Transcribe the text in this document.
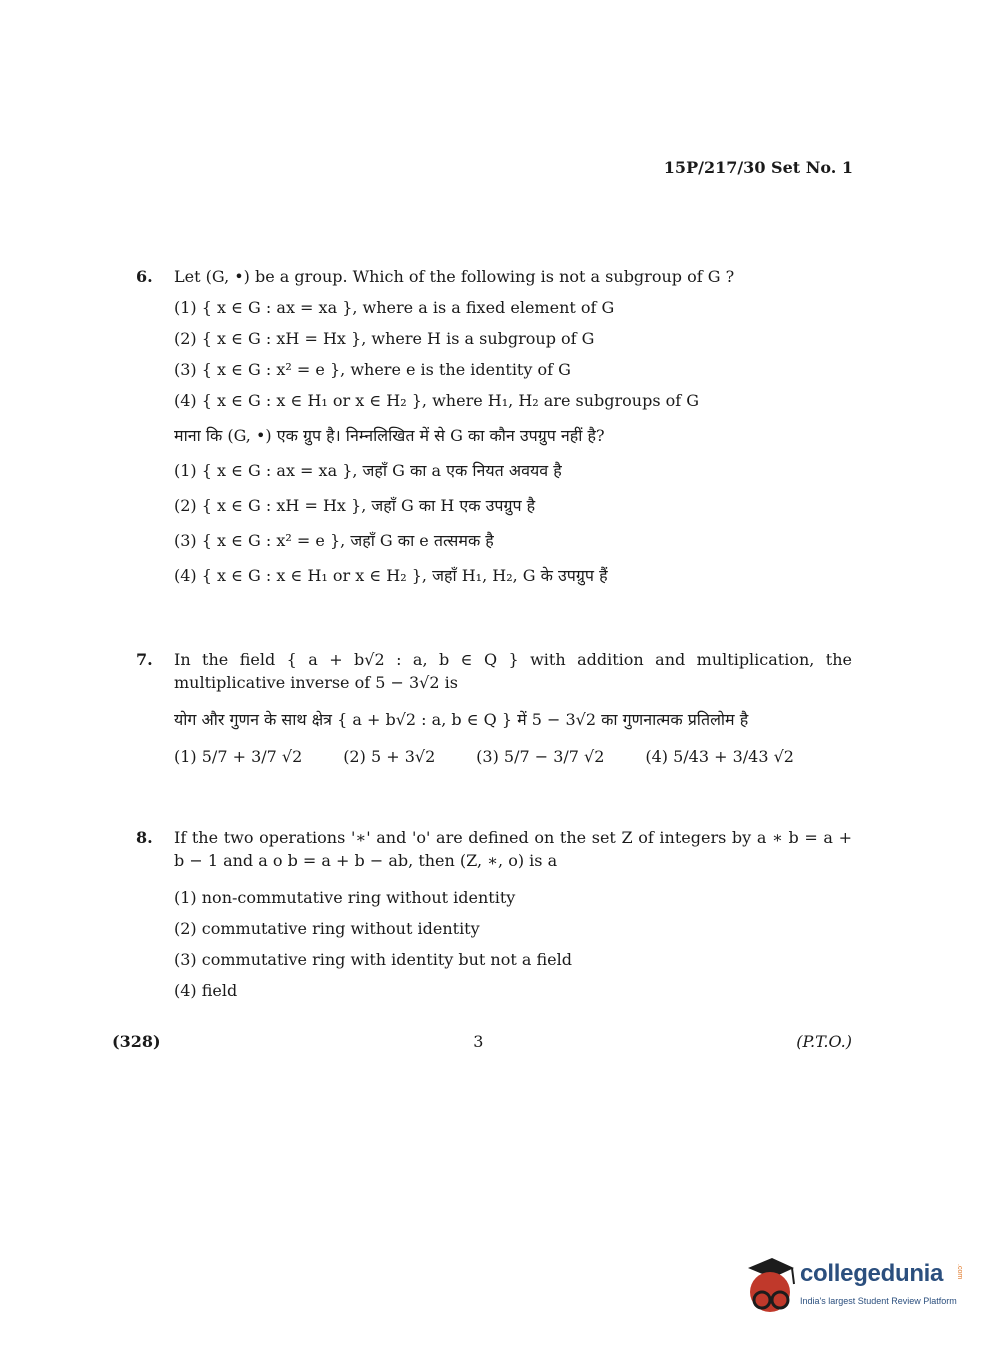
15P/217/30 Set No. 1
6. Let (G, •) be a group. Which of the following is not a subgroup of G ?
(1) { x ∈ G : ax = xa }, where a is a fixed element of G
(2) { x ∈ G : xH = Hx }, where H is a subgroup of G
(3) { x ∈ G : x² = e }, where e is the identity of G
(4) { x ∈ G : x ∈ H₁ or x ∈ H₂ }, where H₁, H₂ are subgroups of G
माना कि (G, •) एक ग्रुप है। निम्नलिखित में से G का कौन उपग्रुप नहीं है?
(1) { x ∈ G : ax = xa }, जहाँ G का a एक नियत अवयव है
(2) { x ∈ G : xH = Hx }, जहाँ G का H एक उपग्रुप है
(3) { x ∈ G : x² = e }, जहाँ G का e तत्समक है
(4) { x ∈ G : x ∈ H₁ or x ∈ H₂ }, जहाँ H₁, H₂, G के उपग्रुप हैं
7. In the field { a + b√2 : a, b ∈ Q } with addition and multiplication, the multiplicative inverse of 5 − 3√2 is
योग और गुणन के साथ क्षेत्र { a + b√2 : a, b ∈ Q } में 5 − 3√2 का गुणनात्मक प्रतिलोम है
(1) 5/7 + 3/7 √2	(2) 5 + 3√2	(3) 5/7 − 3/7 √2	(4) 5/43 + 3/43 √2
8. If the two operations '∗' and 'o' are defined on the set Z of integers by a ∗ b = a + b − 1 and a o b = a + b − ab, then (Z, ∗, o) is a
(1) non-commutative ring without identity
(2) commutative ring without identity
(3) commutative ring with identity but not a field
(4) field
(328)	3	(P.T.O.)
collegedunia .com
India's largest Student Review Platform
